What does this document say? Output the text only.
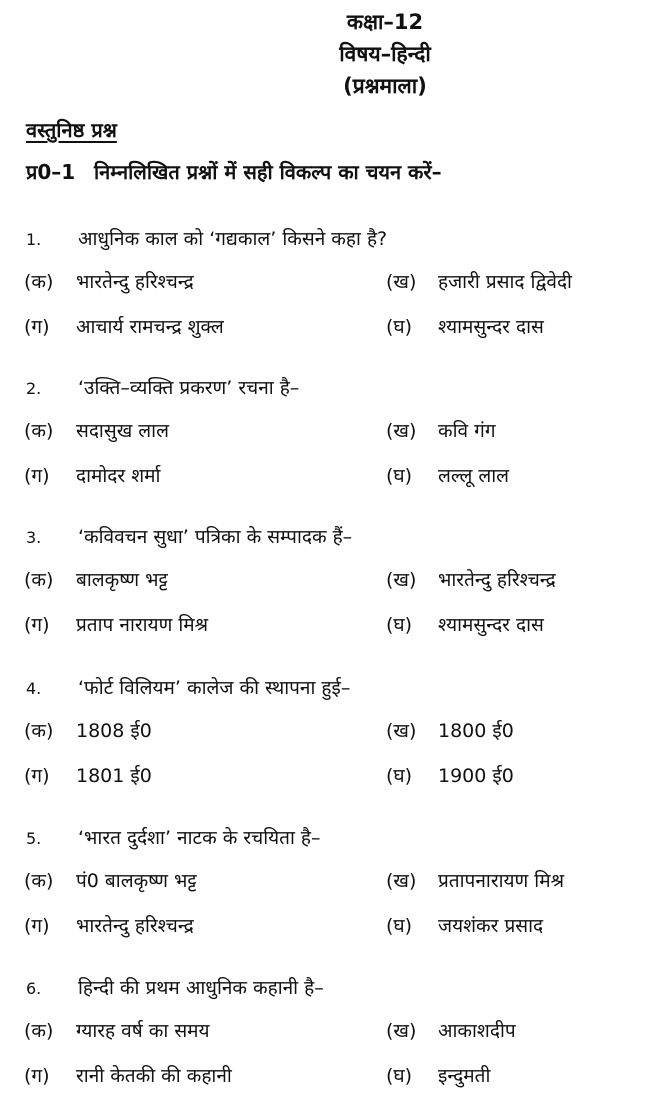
कक्षा–12
विषय–हिन्दी
(प्रश्नमाला)
वस्तुनिष्ठ प्रश्न
प्र0–1 निम्नलिखित प्रश्नों में सही विकल्प का चयन करें–
1. आधुनिक काल को ‘गद्यकाल’ किसने कहा है?
(क) भारतेन्दु हरिश्चन्द्र	(ख) हजारी प्रसाद द्विवेदी
(ग) आचार्य रामचन्द्र शुक्ल	(घ) श्यामसुन्दर दास
2. ‘उक्ति–व्यक्ति प्रकरण’ रचना है–
(क) सदासुख लाल	(ख) कवि गंग
(ग) दामोदर शर्मा	(घ) लल्लू लाल
3. ‘कविवचन सुधा’ पत्रिका के सम्पादक हैं–
(क) बालकृष्ण भट्ट	(ख) भारतेन्दु हरिश्चन्द्र
(ग) प्रताप नारायण मिश्र	(घ) श्यामसुन्दर दास
4. ‘फोर्ट विलियम’ कालेज की स्थापना हुई–
(क) 1808 ई0	(ख) 1800 ई0
(ग) 1801 ई0	(घ) 1900 ई0
5. ‘भारत दुर्दशा’ नाटक के रचयिता है–
(क) पं0 बालकृष्ण भट्ट	(ख) प्रतापनारायण मिश्र
(ग) भारतेन्दु हरिश्चन्द्र	(घ) जयशंकर प्रसाद
6. हिन्दी की प्रथम आधुनिक कहानी है–
(क) ग्यारह वर्ष का समय	(ख) आकाशदीप
(ग) रानी केतकी की कहानी	(घ) इन्दुमती
